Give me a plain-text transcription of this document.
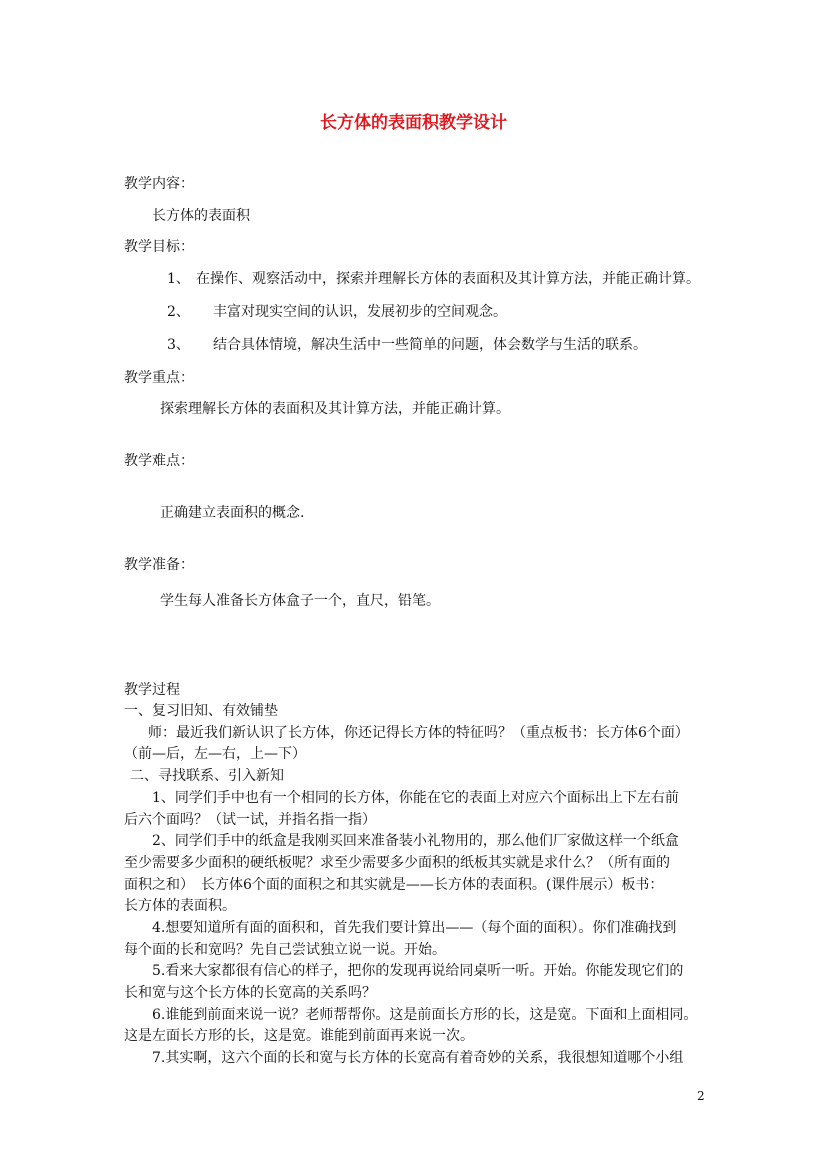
长方体的表面积教学设计
教学内容：
长方体的表面积
教学目标：
1、 在操作、观察活动中，探索并理解长方体的表面积及其计算方法，并能正确计算。
2、 丰富对现实空间的认识，发展初步的空间观念。
3、 结合具体情境，解决生活中一些简单的问题，体会数学与生活的联系。
教学重点：
探索理解长方体的表面积及其计算方法，并能正确计算。
教学难点：
正确建立表面积的概念.
教学准备：
学生每人准备长方体盒子一个，直尺，铅笔。
教学过程
一、复习旧知、有效铺垫
师：最近我们新认识了长方体，你还记得长方体的特征吗？（重点板书：长方体6个面）
（前—后，左—右，上—下）
二、寻找联系、引入新知
1、同学们手中也有一个相同的长方体，你能在它的表面上对应六个面标出上下左右前
后六个面吗？（试一试，并指名指一指）
2、同学们手中的纸盒是我刚买回来准备装小礼物用的，那么他们厂家做这样一个纸盒
至少需要多少面积的硬纸板呢？求至少需要多少面积的纸板其实就是求什么？（所有面的
面积之和）　长方体6个面的面积之和其实就是——长方体的表面积。(课件展示）板书：
长方体的表面积。
4.想要知道所有面的面积和，首先我们要计算出——（每个面的面积）。你们准确找到
每个面的长和宽吗？先自己尝试独立说一说。开始。
5.看来大家都很有信心的样子，把你的发现再说给同桌听一听。开始。你能发现它们的
长和宽与这个长方体的长宽高的关系吗？
6.谁能到前面来说一说？老师帮帮你。这是前面长方形的长，这是宽。下面和上面相同。
这是左面长方形的长，这是宽。谁能到前面再来说一次。
7.其实啊，这六个面的长和宽与长方体的长宽高有着奇妙的关系，我很想知道哪个小组
2
